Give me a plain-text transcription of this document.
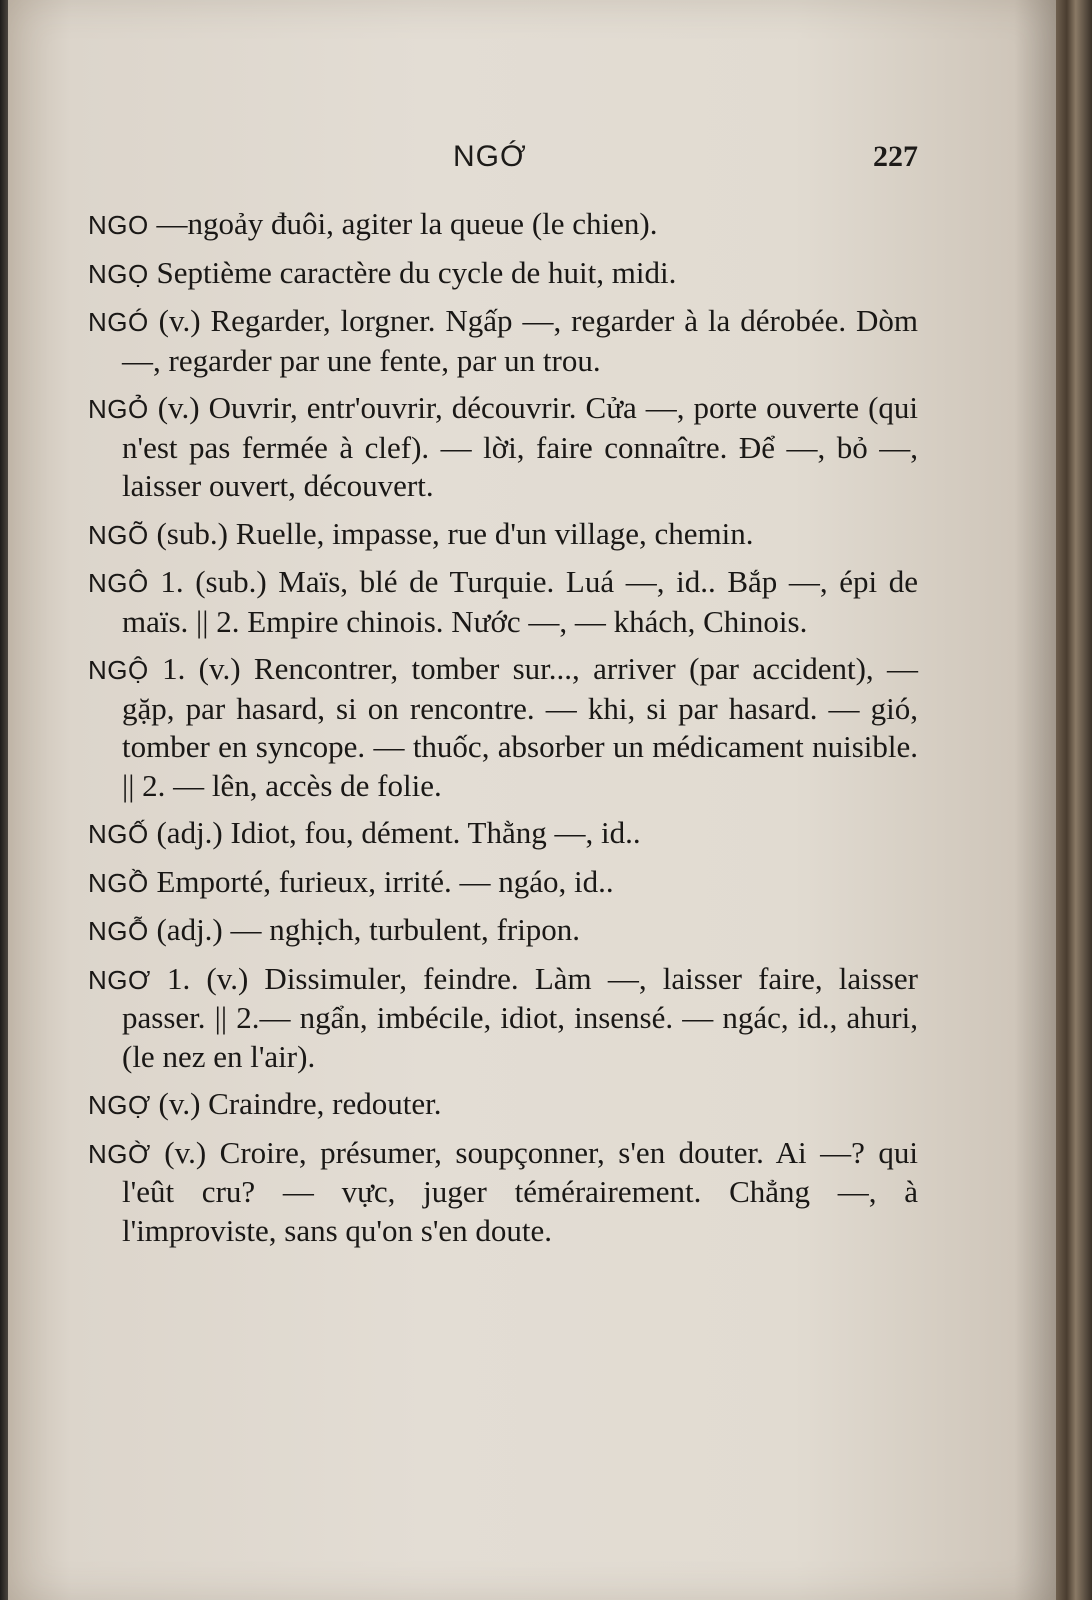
NGỚ	227

NGO —ngoảy đuôi, agiter la queue (le chien).

NGỌ Septième caractère du cycle de huit, midi.

NGÓ (v.) Regarder, lorgner. Ngấp —, regarder à la dérobée. Dòm—, regarder par une fente, par un trou.

NGỎ (v.) Ouvrir, entr'ouvrir, découvrir. Cửa —, porte ouverte (qui n'est pas fermée à clef). — lời, faire connaître. Để —, bỏ —, laisser ouvert, découvert.

NGÕ (sub.) Ruelle, impasse, rue d'un village, chemin.

NGÔ 1. (sub.) Maïs, blé de Turquie. Luá —, id.. Bắp —, épi de maïs. || 2. Empire chinois. Nước —, — khách, Chinois.

NGỘ 1. (v.) Rencontrer, tomber sur..., arriver (par accident), — gặp, par hasard, si on rencontre. — khi, si par hasard. — gió, tomber en syncope. — thuốc, absorber un médicament nuisible. || 2. — lên, accès de folie.

NGỐ (adj.) Idiot, fou, dément. Thằng —, id..

NGỒ Emporté, furieux, irrité. — ngáo, id..

NGỖ (adj.) — nghịch, turbulent, fripon.

NGƠ 1. (v.) Dissimuler, feindre. Làm —, laisser faire, laisser passer. || 2.— ngẩn, imbécile, idiot, insensé. — ngác, id., ahuri, (le nez en l'air).

NGỢ (v.) Craindre, redouter.

NGỜ (v.) Croire, présumer, soupçonner, s'en douter. Ai —? qui l'eût cru? — vực, juger témérairement. Chẳng —, à l'improviste, sans qu'on s'en doute.
